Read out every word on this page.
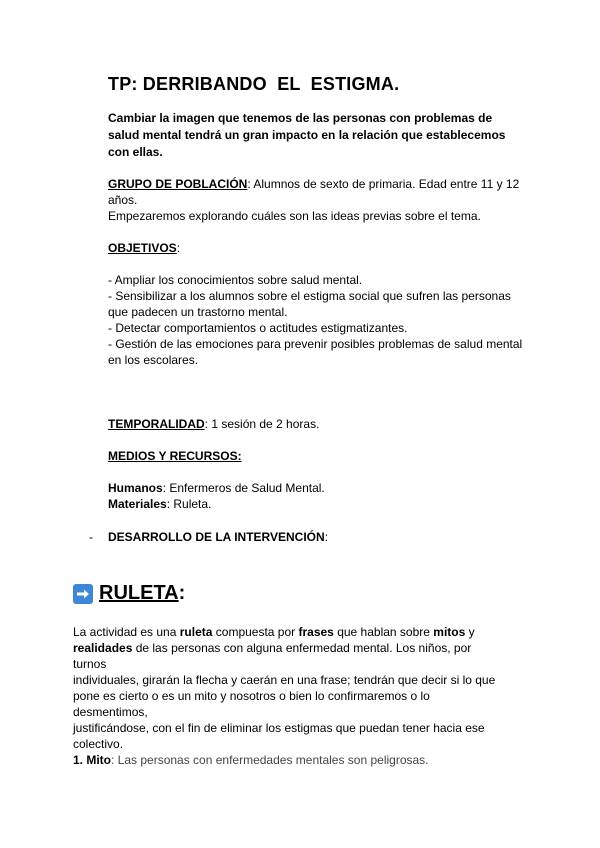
TP: DERRIBANDO  EL  ESTIGMA.
Cambiar la imagen que tenemos de las personas con problemas de
salud mental tendrá un gran impacto en la relación que establecemos
con ellas.
GRUPO DE POBLACIÓN: Alumnos de sexto de primaria. Edad entre 11 y 12
años.
Empezaremos explorando cuáles son las ideas previas sobre el tema.
OBJETIVOS:
- Ampliar los conocimientos sobre salud mental.
- Sensibilizar a los alumnos sobre el estigma social que sufren las personas
que padecen un trastorno mental.
- Detectar comportamientos o actitudes estigmatizantes.
- Gestión de las emociones para prevenir posibles problemas de salud mental
en los escolares.
TEMPORALIDAD: 1 sesión de 2 horas.
MEDIOS Y RECURSOS:
Humanos: Enfermeros de Salud Mental.
Materiales: Ruleta.
- DESARROLLO DE LA INTERVENCIÓN:
RULETA :
La actividad es una ruleta compuesta por frases que hablan sobre mitos y
realidades de las personas con alguna enfermedad mental. Los niños, por turnos
individuales, girarán la flecha y caerán en una frase; tendrán que decir si lo que
pone es cierto o es un mito y nosotros o bien lo confirmaremos o lo desmentimos,
justificándose, con el fin de eliminar los estigmas que puedan tener hacia ese
colectivo.
1. Mito: Las personas con enfermedades mentales son peligrosas.
